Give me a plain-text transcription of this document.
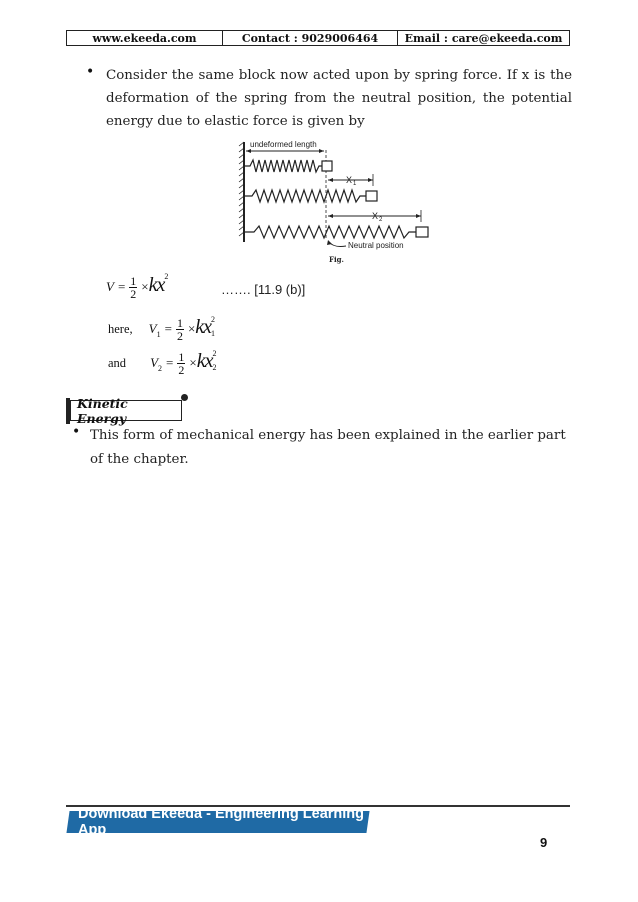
www.ekeeda.com	Contact : 9029006464	Email : care@ekeeda.com
• Consider the same block now acted upon by spring force. If x is the deformation of the spring from the neutral position, the potential energy due to elastic force is given by
undeformed length
X 1
X 2
Neutral position
Fig.
$V = \frac{1}{2} \times kx^2$
……. [11.9 (b)]
here, $V_1 = \frac{1}{2} \times kx$ 2
1
and $V_2 = \frac{1}{2} \times kx$ 2
2
Kinetic Energy
• This form of mechanical energy has been explained in the earlier part of the chapter.
Download Ekeeda - Engineering Learning App
9
